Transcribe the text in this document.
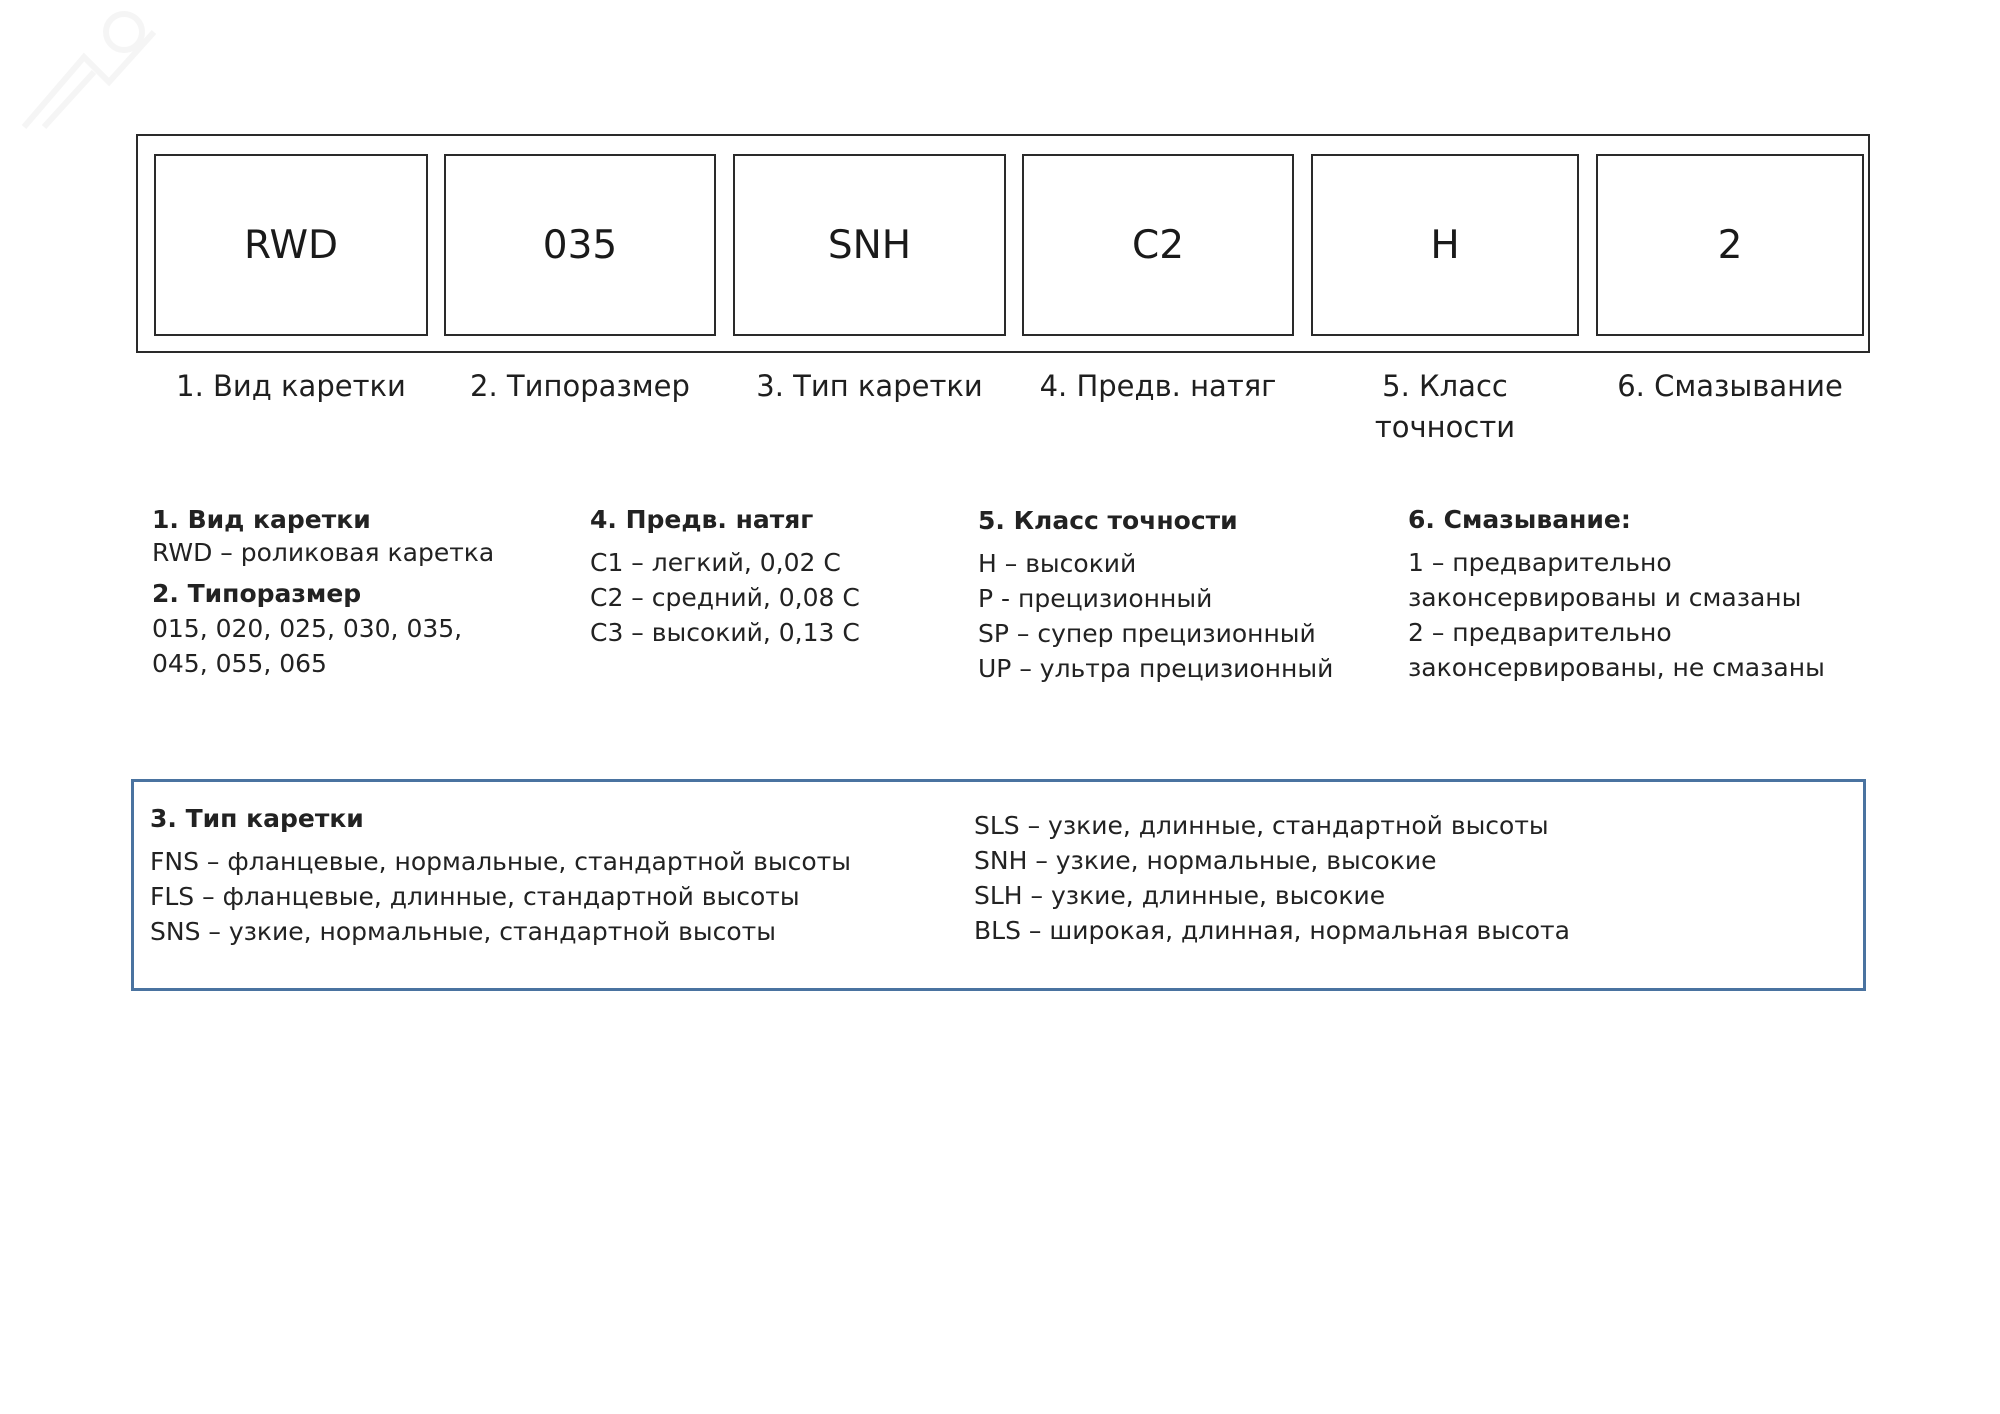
RWD	035	SNH	C2	H	2
1. Вид каретки	2. Типоразмер	3. Тип каретки	4. Предв. натяг	5. Класс
точности
6. Смазывание

1. Вид каретки

RWD – роликовая каретка

2. Типоразмер

015, 020, 025, 030, 035,

045, 055, 065

4. Предв. натяг

C1 – легкий, 0,02 C

C2 – средний, 0,08 C

C3 – высокий, 0,13 C

5. Класс точности

H – высокий

P - прецизионный

SP – супер прецизионный

UP – ультра прецизионный

6. Смазывание:

1 – предварительно

законсервированы и смазаны

2 – предварительно

законсервированы, не смазаны

3. Тип каретки

FNS – фланцевые, нормальные, стандартной высоты

FLS – фланцевые, длинные, стандартной высоты

SNS – узкие, нормальные, стандартной высоты

SLS – узкие, длинные, стандартной высоты

SNH – узкие, нормальные, высокие

SLH – узкие, длинные, высокие

BLS – широкая, длинная, нормальная высота
